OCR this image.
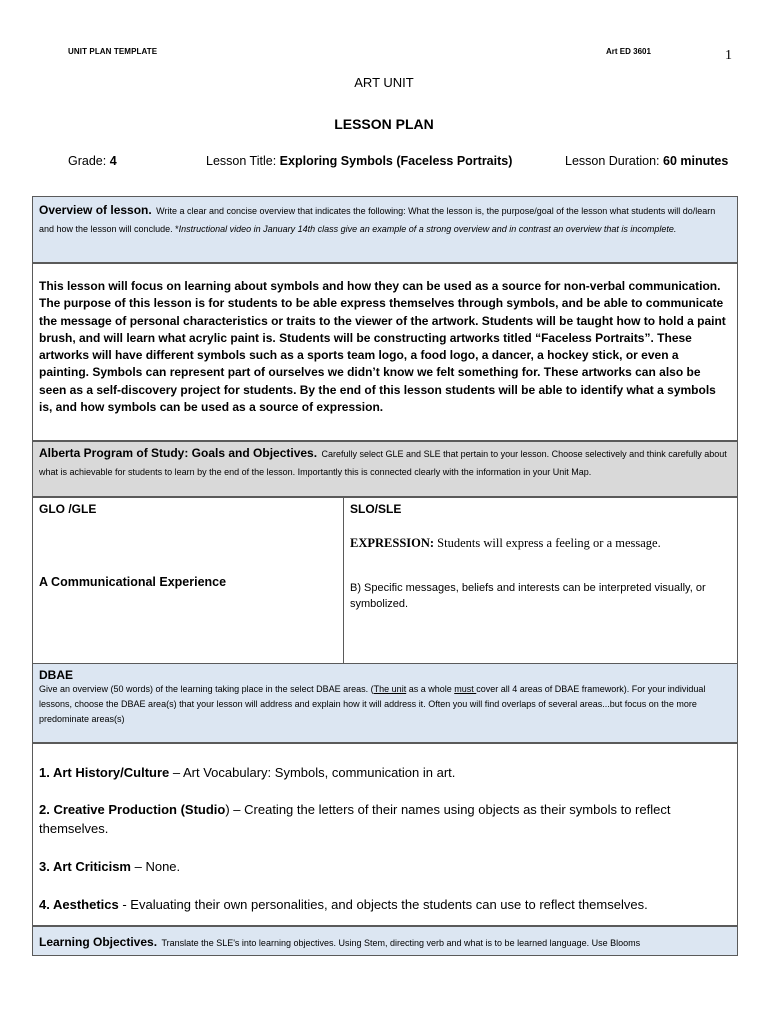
UNIT PLAN TEMPLATE	Art ED 3601	1
ART UNIT
LESSON PLAN
Grade: 4	Lesson Title: Exploring Symbols (Faceless Portraits)	Lesson Duration: 60 minutes
Overview of lesson. Write a clear and concise overview that indicates the following: What the lesson is, the purpose/goal of the lesson what students will do/learn and how the lesson will conclude. *Instructional video in January 14th class give an example of a strong overview and in contrast an overview that is incomplete.
This lesson will focus on learning about symbols and how they can be used as a source for non-verbal communication. The purpose of this lesson is for students to be able express themselves through symbols, and be able to communicate the message of personal characteristics or traits to the viewer of the artwork. Students will be taught how to hold a paint brush, and will learn what acrylic paint is. Students will be constructing artworks titled “Faceless Portraits”. These artworks will have different symbols such as a sports team logo, a food logo, a dancer, a hockey stick, or even a painting. Symbols can represent part of ourselves we didn’t know we felt something for. These artworks can also be seen as a self-discovery project for students. By the end of this lesson students will be able to identify what a symbols is, and how symbols can be used as a source of expression.
Alberta Program of Study: Goals and Objectives. Carefully select GLE and SLE that pertain to your lesson. Choose selectively and think carefully about what is achievable for students to learn by the end of the lesson. Importantly this is connected clearly with the information in your Unit Map.
GLO /GLE
A Communicational Experience
SLO/SLE
EXPRESSION: Students will express a feeling or a message.
B) Specific messages, beliefs and interests can be interpreted visually, or symbolized.
DBAE
Give an overview (50 words) of the learning taking place in the select DBAE areas. (The unit as a whole must cover all 4 areas of DBAE framework). For your individual lessons, choose the DBAE area(s) that your lesson will address and explain how it will address it. Often you will find overlaps of several areas...but focus on the more predominate areas(s)
1. Art History/Culture – Art Vocabulary: Symbols, communication in art.
2. Creative Production (Studio) – Creating the letters of their names using objects as their symbols to reflect themselves.
3. Art Criticism – None.
4. Aesthetics - Evaluating their own personalities, and objects the students can use to reflect themselves.
Learning Objectives. Translate the SLE's into learning objectives. Using Stem, directing verb and what is to be learned language. Use Blooms
